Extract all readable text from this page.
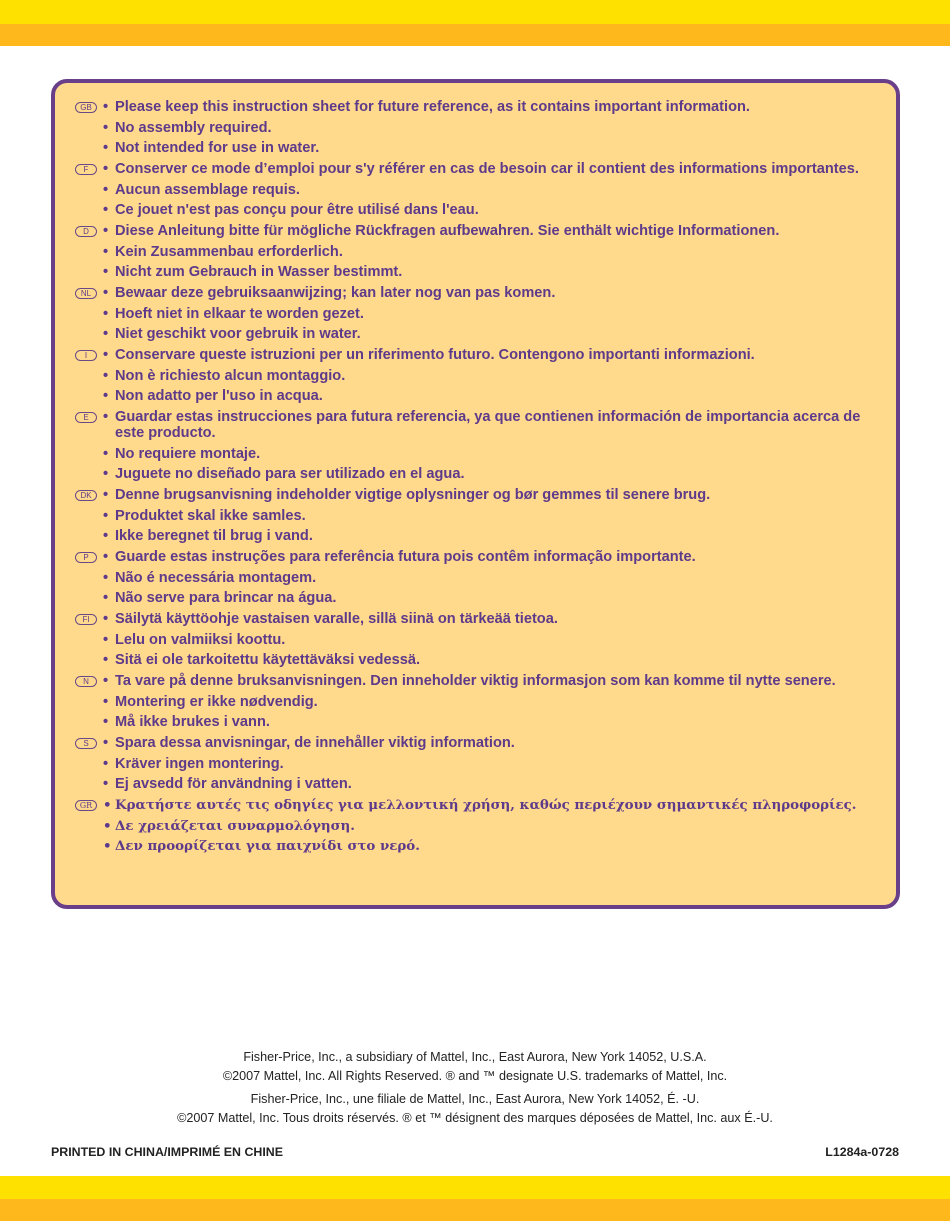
GB • Please keep this instruction sheet for future reference, as it contains important information.
• No assembly required.
• Not intended for use in water.
F • Conserver ce mode d’emploi pour s'y référer en cas de besoin car il contient des informations importantes.
• Aucun assemblage requis.
• Ce jouet n'est pas conçu pour être utilisé dans l'eau.
D • Diese Anleitung bitte für mögliche Rückfragen aufbewahren. Sie enthält wichtige Informationen.
• Kein Zusammenbau erforderlich.
• Nicht zum Gebrauch in Wasser bestimmt.
NL • Bewaar deze gebruiksaanwijzing; kan later nog van pas komen.
• Hoeft niet in elkaar te worden gezet.
• Niet geschikt voor gebruik in water.
I	• Conservare queste istruzioni per un riferimento futuro. Contengono importanti informazioni.
• Non è richiesto alcun montaggio.
• Non adatto per l'uso in acqua.
E • Guardar estas instrucciones para futura referencia, ya que contienen información de importancia acerca de este producto.
• No requiere montaje.
• Juguete no diseñado para ser utilizado en el agua.
DK • Denne brugsanvisning indeholder vigtige oplysninger og bør gemmes til senere brug.
• Produktet skal ikke samles.
• Ikke beregnet til brug i vand.
P • Guarde estas instruções para referência futura pois contêm informação importante.
• Não é necessária montagem.
• Não serve para brincar na água.
FI • Säilytä käyttöohje vastaisen varalle, sillä siinä on tärkeää tietoa.
• Lelu on valmiiksi koottu.
• Sitä ei ole tarkoitettu käytettäväksi vedessä.
N • Ta vare på denne bruksanvisningen. Den inneholder viktig informasjon som kan komme til nytte senere.
• Montering er ikke nødvendig.
• Må ikke brukes i vann.
S • Spara dessa anvisningar, de innehåller viktig information.
• Kräver ingen montering.
• Ej avsedd för användning i vatten.
GR • Κρατήστε αυτές τις οδηγίες για μελλοντική χρήση, καθώς περιέχουν σημαντικές πληροφορίες.
• Δε χρειάζεται συναρμολόγηση.
• Δεν προορίζεται για παιχνίδι στο νερό.
Fisher-Price, Inc., a subsidiary of Mattel, Inc., East Aurora, New York 14052, U.S.A.
©2007 Mattel, Inc. All Rights Reserved. ® and ™ designate U.S. trademarks of Mattel, Inc.
Fisher-Price, Inc., une filiale de Mattel, Inc., East Aurora, New York 14052, É. -U.
©2007 Mattel, Inc. Tous droits réservés. ® et ™ désignent des marques déposées de Mattel, Inc. aux É.-U.
PRINTED IN CHINA/IMPRIMÉ EN CHINE	L1284a-0728
